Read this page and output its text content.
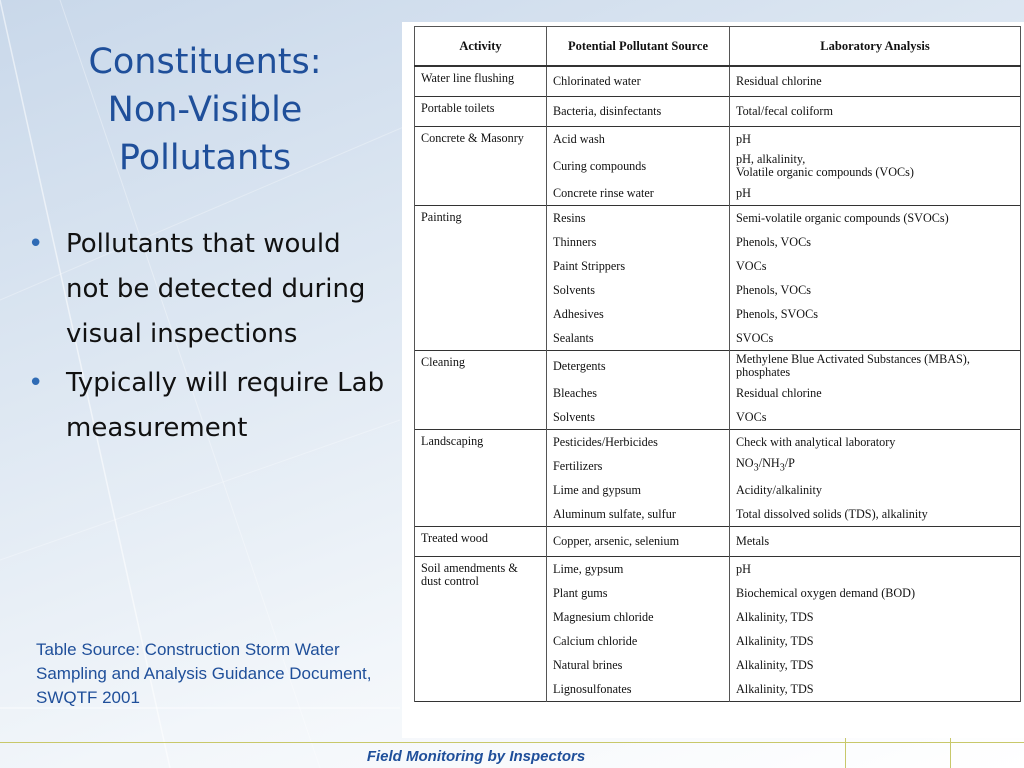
Constituents:
Non-Visible
Pollutants
• Pollutants that would not be detected during visual inspections
• Typically will require Lab measurement
Table Source: Construction Storm Water Sampling and Analysis Guidance Document, SWQTF 2001
Activity	Potential Pollutant Source	Laboratory Analysis
Water line flushing	Chlorinated water	Residual chlorine
Portable toilets	Bacteria, disinfectants	Total/fecal coliform
Concrete & Masonry	Acid wash	pH
	Curing compounds	pH, alkalinity,
Volatile organic compounds (VOCs)
	Concrete rinse water	pH
Painting	Resins	Semi-volatile organic compounds (SVOCs)
	Thinners	Phenols, VOCs
	Paint Strippers	VOCs
	Solvents	Phenols, VOCs
	Adhesives	Phenols, SVOCs
	Sealants	SVOCs
Cleaning	Detergents	Methylene Blue Activated Substances (MBAS), phosphates
	Bleaches	Residual chlorine
	Solvents	VOCs
Landscaping	Pesticides/Herbicides	Check with analytical laboratory
	Fertilizers	$NO_3/NH_3/P$
	Lime and gypsum	Acidity/alkalinity
	Aluminum sulfate, sulfur	Total dissolved solids (TDS), alkalinity
Treated wood	Copper, arsenic, selenium	Metals
Soil amendments & dust control	Lime, gypsum	pH
	Plant gums	Biochemical oxygen demand (BOD)
	Magnesium chloride	Alkalinity, TDS
	Calcium chloride	Alkalinity, TDS
	Natural brines	Alkalinity, TDS
	Lignosulfonates	Alkalinity, TDS
Field Monitoring by Inspectors
